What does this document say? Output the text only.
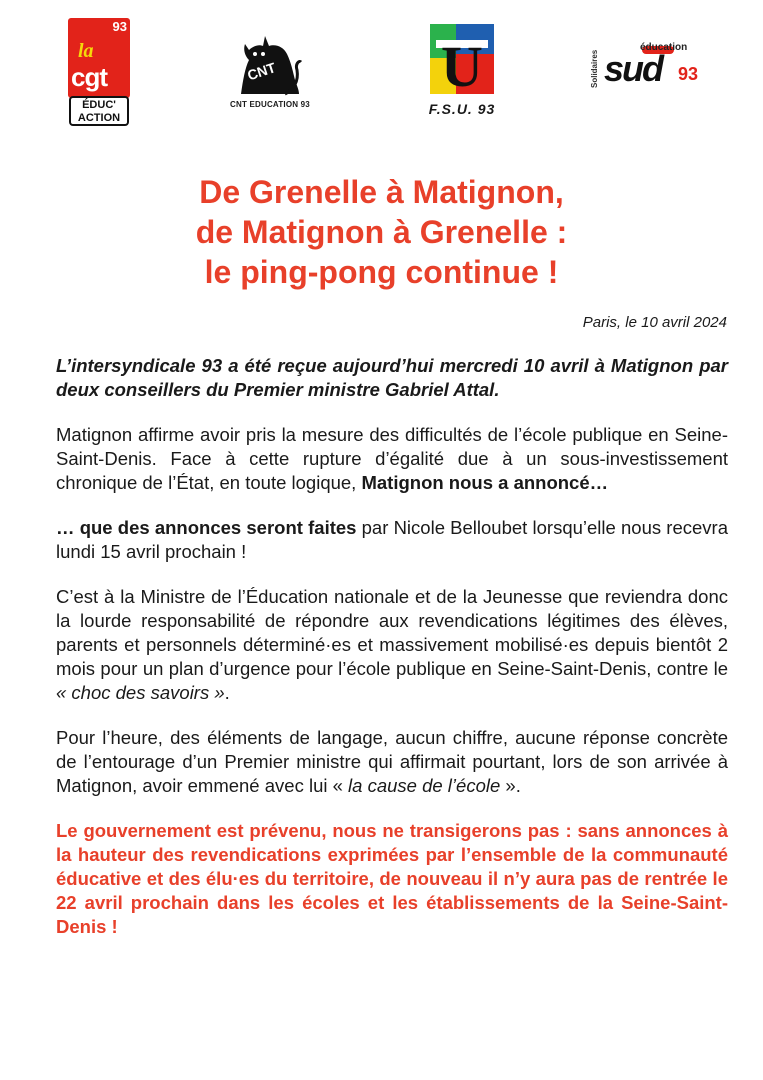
93
la
cgt
ÉDUC'
ACTION
CNT
CNT EDUCATION 93
U
F.S.U. 93
Solidaires
éducation
sud 93
De Grenelle à Matignon,
de Matignon à Grenelle :
le ping-pong continue !

Paris, le 10 avril 2024

L’intersyndicale 93 a été reçue aujourd’hui mercredi 10 avril à Matignon par deux conseillers du Premier ministre Gabriel Attal.

Matignon affirme avoir pris la mesure des difficultés de l’école publique en Seine-Saint-Denis. Face à cette rupture d’égalité due à un sous-investissement chronique de l’État, en toute logique, Matignon nous a annoncé…

… que des annonces seront faites par Nicole Belloubet lorsqu’elle nous recevra lundi 15 avril prochain !

C’est à la Ministre de l’Éducation nationale et de la Jeunesse que reviendra donc la lourde responsabilité de répondre aux revendications légitimes des élèves, parents et personnels déterminé·es et massivement mobilisé·es depuis bientôt 2 mois pour un plan d’urgence pour l’école publique en Seine-Saint-Denis, contre le « choc des savoirs ».

Pour l’heure, des éléments de langage, aucun chiffre, aucune réponse concrète de l’entourage d’un Premier ministre qui affirmait pourtant, lors de son arrivée à Matignon, avoir emmené avec lui « la cause de l’école ».

Le gouvernement est prévenu, nous ne transigerons pas : sans annonces à la hauteur des revendications exprimées par l’ensemble de la communauté éducative et des élu·es du territoire, de nouveau il n’y aura pas de rentrée le 22 avril prochain dans les écoles et les établissements de la Seine-Saint-Denis !
